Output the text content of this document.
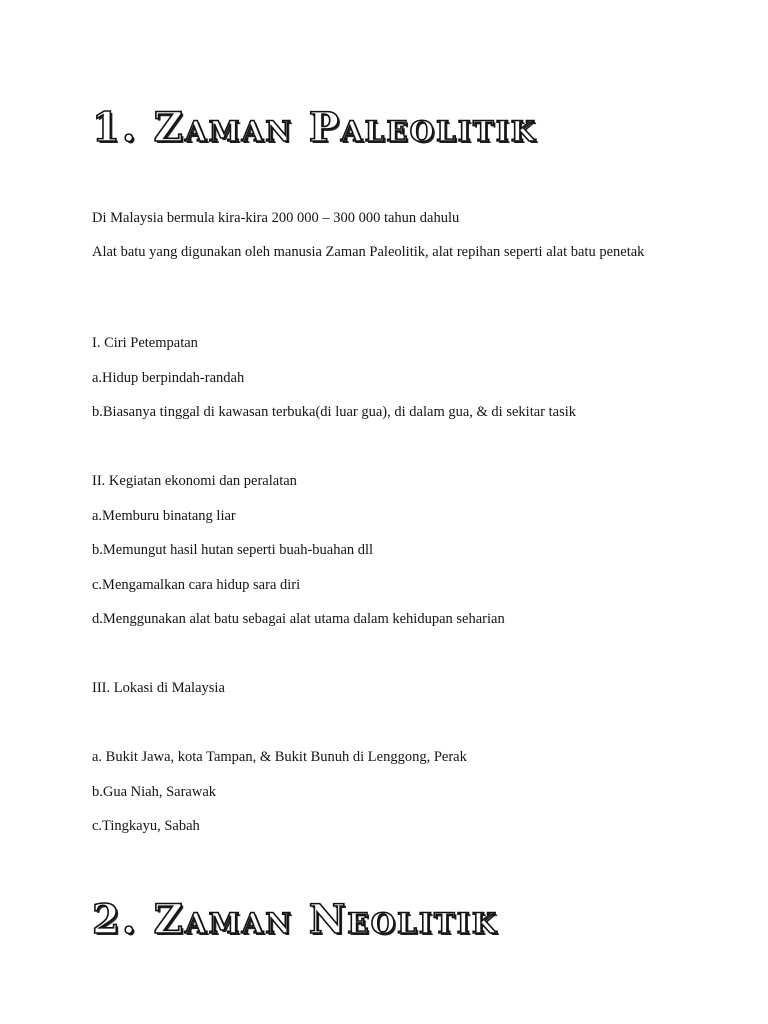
1. Zaman Paleolitik

Di Malaysia bermula kira-kira 200 000 – 300 000 tahun dahulu

Alat batu yang digunakan oleh manusia Zaman Paleolitik, alat repihan seperti alat batu penetak

I. Ciri Petempatan

a.Hidup berpindah-randah

b.Biasanya tinggal di kawasan terbuka(di luar gua), di dalam gua, & di sekitar tasik

II. Kegiatan ekonomi dan peralatan

a.Memburu binatang liar

b.Memungut hasil hutan seperti buah-buahan dll

c.Mengamalkan cara hidup sara diri

d.Menggunakan alat batu sebagai alat utama dalam kehidupan seharian

III. Lokasi di Malaysia

a. Bukit Jawa, kota Tampan, & Bukit Bunuh di Lenggong, Perak

b.Gua Niah, Sarawak

c.Tingkayu, Sabah

2. Zaman Neolitik
